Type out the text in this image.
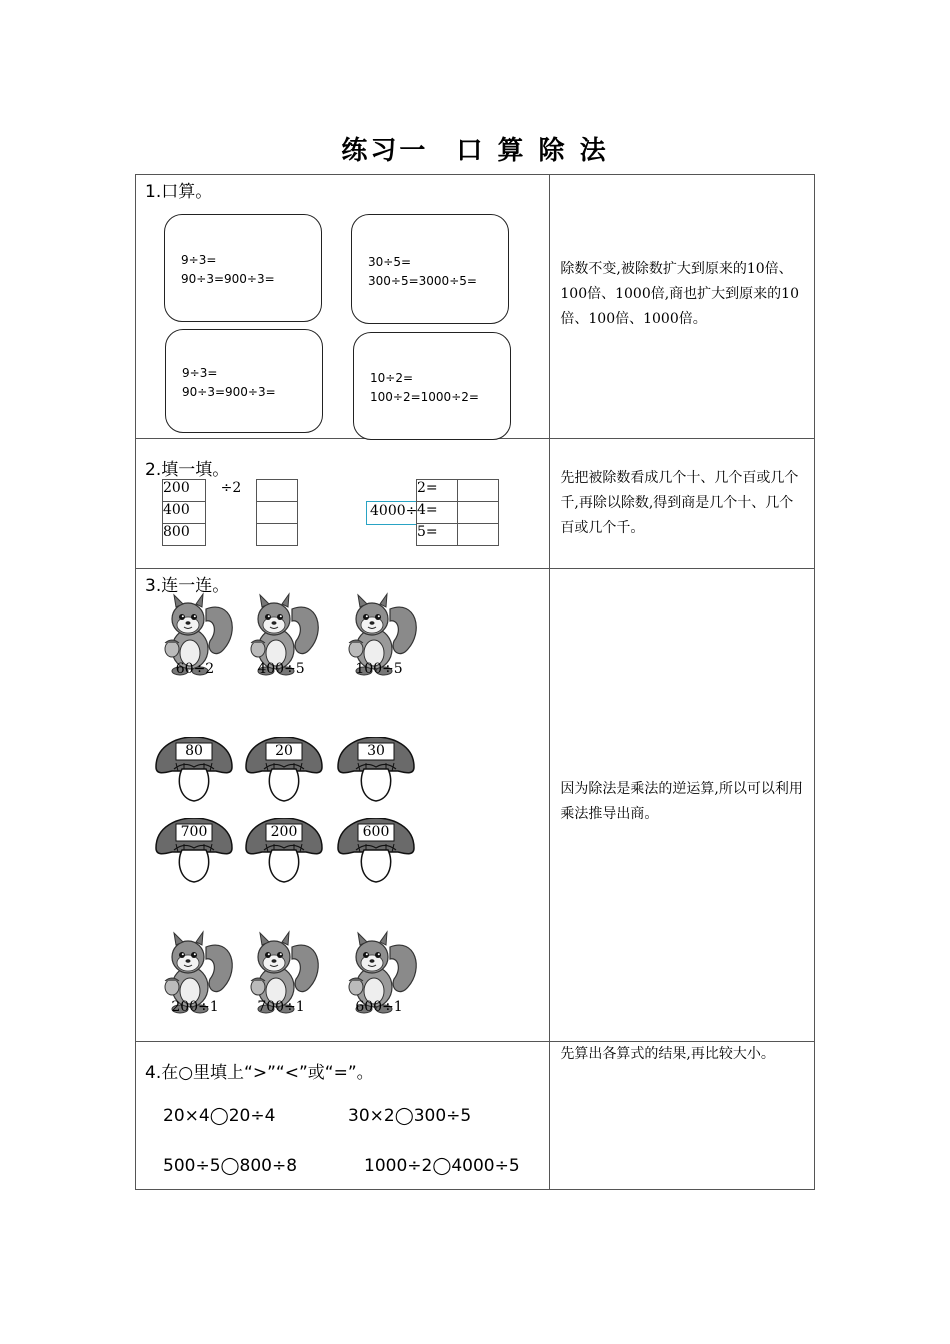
练习一 口 算 除 法
1.口算。
9÷3=
90÷3=900÷3=
30÷5=
300÷5=3000÷5=
9÷3=
90÷3=900÷3=
10÷2=
100÷2=1000÷2=

除数不变,被除数扩大到原来的10倍、100倍、1000倍,商也扩大到原来的10倍、100倍、1000倍。

2.填一填。
200	÷2	
400	
800	
4000÷
2=	
4=	
5=	

先把被除数看成几个十、几个百或几个千,再除以除数,得到商是几个十、几个百或几个千。

3.连一连。
60÷2	400÷5	100÷5
200÷1	700÷1	600÷1
80	20	30
700	200	600

因为除法是乘法的逆运算,所以可以利用乘法推导出商。

4.在○里填上“>”“<”或“=”。
20×4◯20÷4	30×2◯300÷5
500÷5◯800÷8	1000÷2◯4000÷5

先算出各算式的结果,再比较大小。
